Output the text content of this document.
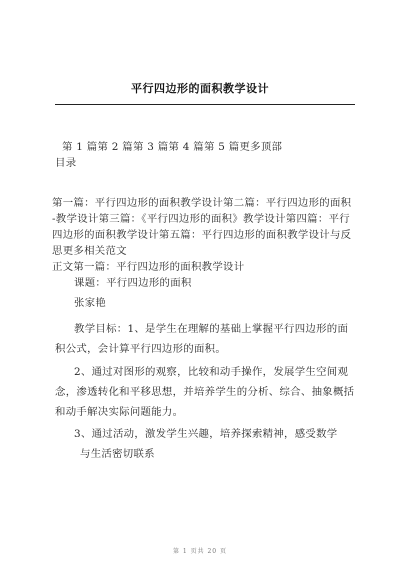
平行四边形的面积教学设计
第 1 篇第 2 篇第 3 篇第 4 篇第 5 篇更多顶部
目录
第一篇：平行四边形的面积教学设计第二篇：平行四边形的面积
-教学设计第三篇：《平行四边形的面积》教学设计第四篇：平行
四边形的面积教学设计第五篇：平行四边形的面积教学设计与反
思更多相关范文
正文第一篇：平行四边形的面积教学设计
课题：平行四边形的面积
张家艳
教学目标：1、是学生在理解的基础上掌握平行四边形的面
积公式，会计算平行四边形的面积。
2、通过对图形的观察，比较和动手操作，发展学生空间观
念，渗透转化和平移思想，并培养学生的分析、综合、抽象概括
和动手解决实际问题能力。
3、通过活动，激发学生兴趣，培养探索精神，感受数学
与生活密切联系
第 1 页共 20 页
